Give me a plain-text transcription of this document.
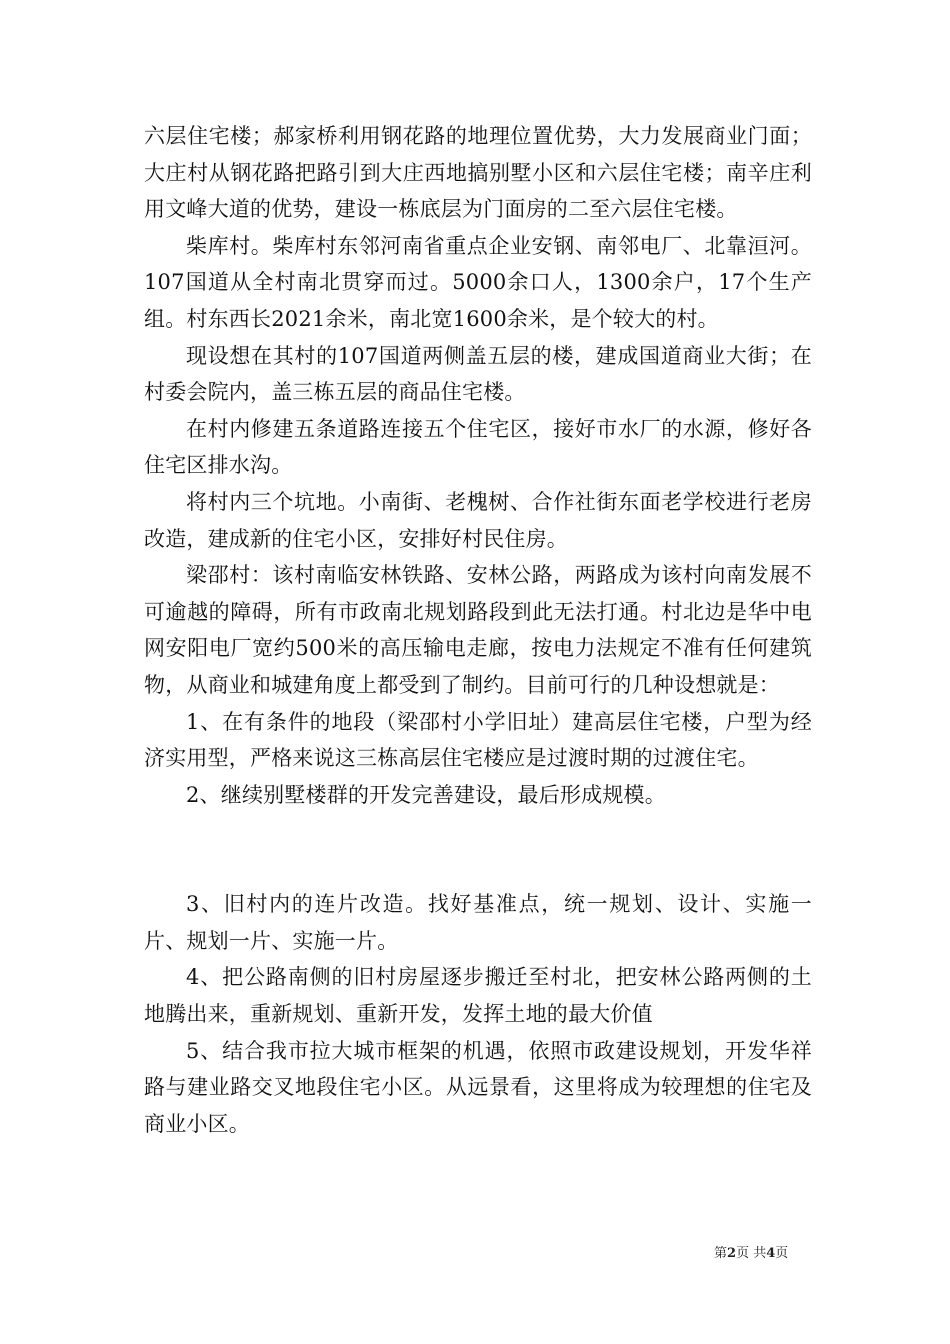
六层住宅楼；郝家桥利用钢花路的地理位置优势，大力发展商业门面；大庄村从钢花路把路引到大庄西地搞别墅小区和六层住宅楼；南辛庄利用文峰大道的优势，建设一栋底层为门面房的二至六层住宅楼。

柴库村。柴库村东邻河南省重点企业安钢、南邻电厂、北靠洹河。107国道从全村南北贯穿而过。5000余口人，1300余户，17个生产组。村东西长2021余米，南北宽1600余米，是个较大的村。

现设想在其村的107国道两侧盖五层的楼，建成国道商业大街；在村委会院内，盖三栋五层的商品住宅楼。

在村内修建五条道路连接五个住宅区，接好市水厂的水源，修好各住宅区排水沟。

将村内三个坑地。小南街、老槐树、合作社街东面老学校进行老房改造，建成新的住宅小区，安排好村民住房。

梁邵村：该村南临安林铁路、安林公路，两路成为该村向南发展不可逾越的障碍，所有市政南北规划路段到此无法打通。村北边是华中电网安阳电厂宽约500米的高压输电走廊，按电力法规定不准有任何建筑物，从商业和城建角度上都受到了制约。目前可行的几种设想就是：

1、在有条件的地段（梁邵村小学旧址）建高层住宅楼，户型为经济实用型，严格来说这三栋高层住宅楼应是过渡时期的过渡住宅。

2、继续别墅楼群的开发完善建设，最后形成规模。

3、旧村内的连片改造。找好基准点，统一规划、设计、实施一片、规划一片、实施一片。

4、把公路南侧的旧村房屋逐步搬迁至村北，把安林公路两侧的土地腾出来，重新规划、重新开发，发挥土地的最大价值

5、结合我市拉大城市框架的机遇，依照市政建设规划，开发华祥路与建业路交叉地段住宅小区。从远景看，这里将成为较理想的住宅及商业小区。

第2页 共4页
